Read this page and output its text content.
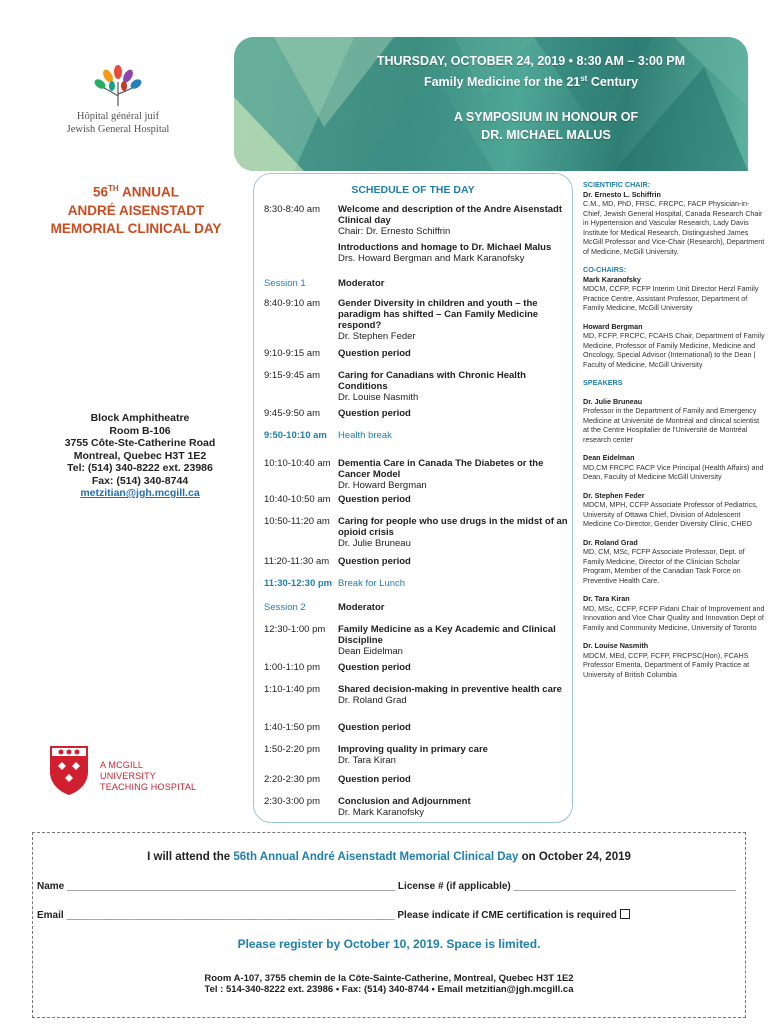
Hôpital général juif
Jewish General Hospital
THURSDAY, OCTOBER 24, 2019 • 8:30 AM – 3:00 PM
Family Medicine for the 21st Century
A SYMPOSIUM IN HONOUR OF
DR. MICHAEL MALUS
56TH ANNUAL
ANDRÉ AISENSTADT
MEMORIAL CLINICAL DAY
Block Amphitheatre
Room B-106
3755 Côte-Ste-Catherine Road
Montreal, Quebec H3T 1E2
Tel: (514) 340-8222 ext. 23986
Fax: (514) 340-8744
metzitian@jgh.mcgill.ca
A MCGILL UNIVERSITY
TEACHING HOSPITAL
SCHEDULE OF THE DAY
8:30-8:40 am	Welcome and description of the Andre Aisenstadt Clinical day
Chair: Dr. Ernesto Schiffrin
Introductions and homage to Dr. Michael Malus
Drs. Howard Bergman and Mark Karanofsky
Session 1	Moderator
8:40-9:10 am	Gender Diversity in children and youth – the paradigm has shifted – Can Family Medicine respond?
Dr. Stephen Feder
9:10-9:15 am	Question period
9:15-9:45 am	Caring for Canadians with Chronic Health Conditions
Dr. Louise Nasmith
9:45-9:50 am	Question period
9:50-10:10 am	Health break
10:10-10:40 am Dementia Care in Canada The Diabetes or the Cancer Model
Dr. Howard Bergman
10:40-10:50 am Question period
10:50-11:20 am Caring for people who use drugs in the midst of an opioid crisis
Dr. Julie Bruneau
11:20-11:30 am Question period
11:30-12:30 pm Break for Lunch
Session 2	Moderator
12:30-1:00 pm	Family Medicine as a Key Academic and Clinical Discipline
Dean Eidelman
1:00-1:10 pm	Question period
1:10-1:40 pm	Shared decision-making in preventive health care
Dr. Roland Grad
1:40-1:50 pm	Question period
1:50-2:20 pm	Improving quality in primary care
Dr. Tara Kiran
2:20-2:30 pm	Question period
2:30-3:00 pm	Conclusion and Adjournment
Dr. Mark Karanofsky
SCIENTIFIC CHAIR:
Dr. Ernesto L. Schiffrin
C.M., MD, PhD, FRSC, FRCPC, FACP Physician-in-Chief, Jewish General Hospital, Canada Research Chair in Hypertension and Vascular Research, Lady Davis Institute for Medical Research, Distinguished James McGill Professor and Vice-Chair (Research), Department of Medicine, McGill University.
CO-CHAIRS:
Mark Karanofsky
MDCM, CCFP, FCFP Interim Unit Director Herzl Family Practice Centre, Assistant Professor, Department of Family Medicine, McGill University
Howard Bergman
MD, FCFP, FRCPC, FCAHS Chair, Department of Family Medicine, Professor of Family Medicine, Medicine and Oncology, Special Advisor (International) to the Dean | Faculty of Medicine, McGill University
SPEAKERS
Dr. Julie Bruneau
Professor in the Department of Family and Emergency Medicine at Université de Montréal and clinical scientist at the Centre Hospitalier de l'Université de Montréal research center
Dean Eidelman
MD,CM FRCPC FACP Vice Principal (Health Affairs) and Dean, Faculty of Medicine McGill University
Dr. Stephen Feder
MDCM, MPH, CCFP Associate Professor of Pediatrics, University of Ottawa Chief, Division of Adolescent Medicine Co-Director, Gender Diversity Clinic, CHEO
Dr. Roland Grad
MD, CM, MSc, FCFP Associate Professor, Dept. of Family Medicine, Director of the Clinician Scholar Program, Member of the Canadian Task Force on Preventive Health Care.
Dr. Tara Kiran
MD, MSc, CCFP, FCFP Fidani Chair of Improvement and Innovation and Vice Chair Quality and Innovation Dept of Family and Community Medicine, University of Toronto
Dr. Louise Nasmith
MDCM, MEd, CCFP, FCFP, FRCPSC(Hon), FCAHS Professor Emerita, Department of Family Practice at University of British Columbia
I will attend the 56th Annual André Aisenstadt Memorial Clinical Day on October 24, 2019
Name ___________________________________________________________ License # (if applicable) ________________________________________
Email ___________________________________________________________ Please indicate if CME certification is required
Please register by October 10, 2019. Space is limited.
Room A-107, 3755 chemin de la Côte-Sainte-Catherine, Montreal, Quebec H3T 1E2
Tel : 514-340-8222 ext. 23986 • Fax: (514) 340-8744 • Email metzitian@jgh.mcgill.ca
